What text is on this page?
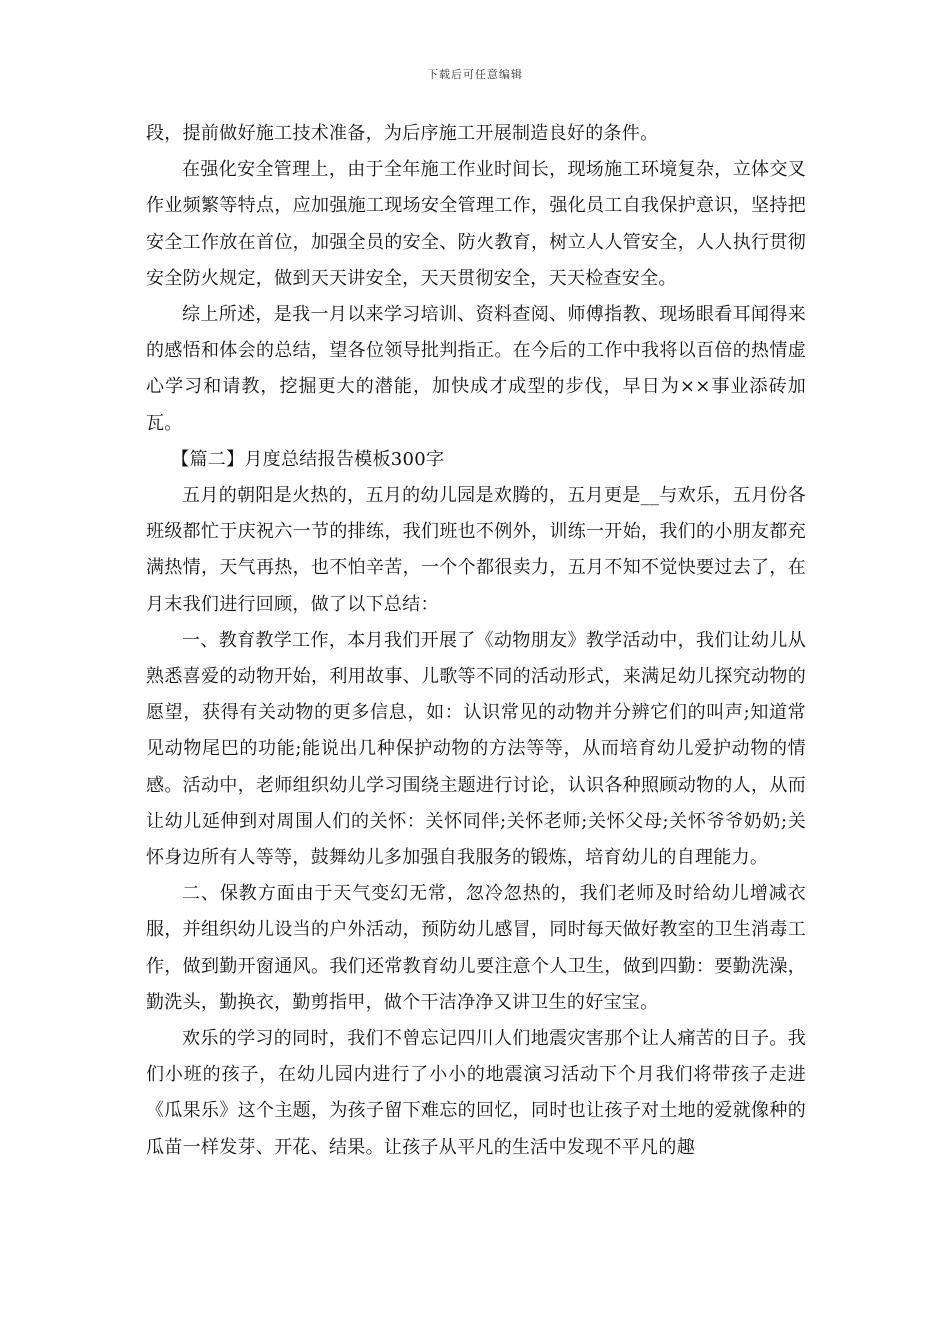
下载后可任意编辑

段，提前做好施工技术准备，为后序施工开展制造良好的条件。

在强化安全管理上，由于全年施工作业时间长，现场施工环境复杂，立体交叉作业频繁等特点，应加强施工现场安全管理工作，强化员工自我保护意识，坚持把安全工作放在首位，加强全员的安全、防火教育，树立人人管安全，人人执行贯彻安全防火规定，做到天天讲安全，天天贯彻安全，天天检查安全。

综上所述，是我一月以来学习培训、资料查阅、师傅指教、现场眼看耳闻得来的感悟和体会的总结，望各位领导批判指正。在今后的工作中我将以百倍的热情虚心学习和请教，挖掘更大的潜能，加快成才成型的步伐，早日为××事业添砖加瓦。

【篇二】月度总结报告模板300字

五月的朝阳是火热的，五月的幼儿园是欢腾的，五月更是__与欢乐，五月份各班级都忙于庆祝六一节的排练，我们班也不例外，训练一开始，我们的小朋友都充满热情，天气再热，也不怕辛苦，一个个都很卖力，五月不知不觉快要过去了，在月末我们进行回顾，做了以下总结：

一、教育教学工作，本月我们开展了《动物朋友》教学活动中，我们让幼儿从熟悉喜爱的动物开始，利用故事、儿歌等不同的活动形式，来满足幼儿探究动物的愿望，获得有关动物的更多信息，如：认识常见的动物并分辨它们的叫声;知道常见动物尾巴的功能;能说出几种保护动物的方法等等，从而培育幼儿爱护动物的情感。活动中，老师组织幼儿学习围绕主题进行讨论，认识各种照顾动物的人，从而让幼儿延伸到对周围人们的关怀：关怀同伴;关怀老师;关怀父母;关怀爷爷奶奶;关怀身边所有人等等，鼓舞幼儿多加强自我服务的锻炼，培育幼儿的自理能力。

二、保教方面由于天气变幻无常，忽冷忽热的，我们老师及时给幼儿增减衣服，并组织幼儿设当的户外活动，预防幼儿感冒，同时每天做好教室的卫生消毒工作，做到勤开窗通风。我们还常教育幼儿要注意个人卫生，做到四勤：要勤洗澡，勤洗头，勤换衣，勤剪指甲，做个干洁净净又讲卫生的好宝宝。

欢乐的学习的同时，我们不曾忘记四川人们地震灾害那个让人痛苦的日子。我们小班的孩子，在幼儿园内进行了小小的地震演习活动下个月我们将带孩子走进《瓜果乐》这个主题，为孩子留下难忘的回忆，同时也让孩子对土地的爱就像种的瓜苗一样发芽、开花、结果。让孩子从平凡的生活中发现不平凡的趣
